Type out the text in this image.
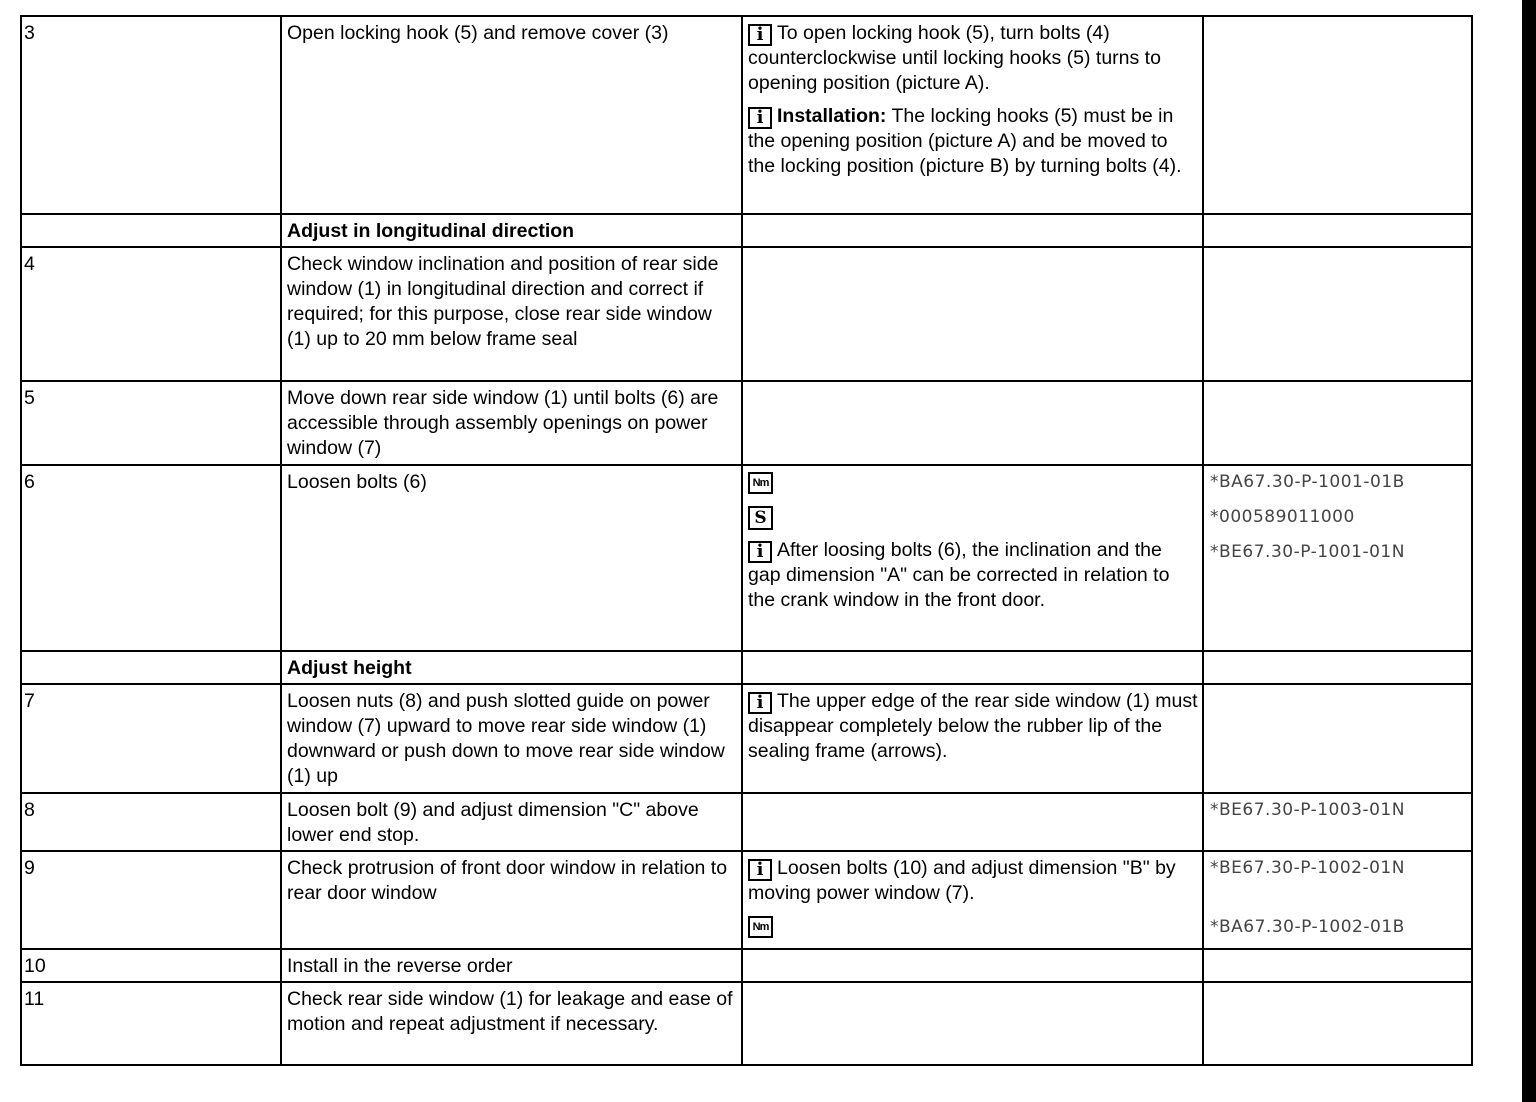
3	Open locking hook (5) and remove cover (3)	i To open locking hook (5), turn bolts (4) counterclockwise until locking hooks (5) turns to opening position (picture A).
i Installation: The locking hooks (5) must be in the opening position (picture A) and be moved to the locking position (picture B) by turning bolts (4).	

	Adjust in longitudinal direction		
4	Check window inclination and position of rear side window (1) in longitudinal direction and correct if required; for this purpose, close rear side window (1) up to 20 mm below frame seal		
5	Move down rear side window (1) until bolts (6) are accessible through assembly openings on power window (7)		
6	Loosen bolts (6)	Nm
S
i After loosing bolts (6), the inclination and the gap dimension "A" can be corrected in relation to the crank window in the front door.	*BA67.30-P-1001-01B
*000589011000
*BE67.30-P-1001-01N

	Adjust height		
7	Loosen nuts (8) and push slotted guide on power window (7) upward to move rear side window (1) downward or push down to move rear side window (1) up	i The upper edge of the rear side window (1) must disappear completely below the rubber lip of the sealing frame (arrows).	

8	Loosen bolt (9) and adjust dimension "C" above lower end stop.		*BE67.30-P-1003-01N

9	Check protrusion of front door window in relation to rear door window	i Loosen bolts (10) and adjust dimension "B" by moving power window (7).
Nm	*BE67.30-P-1002-01N
*BA67.30-P-1002-01B

10	Install in the reverse order		
11	Check rear side window (1) for leakage and ease of motion and repeat adjustment if necessary.		
